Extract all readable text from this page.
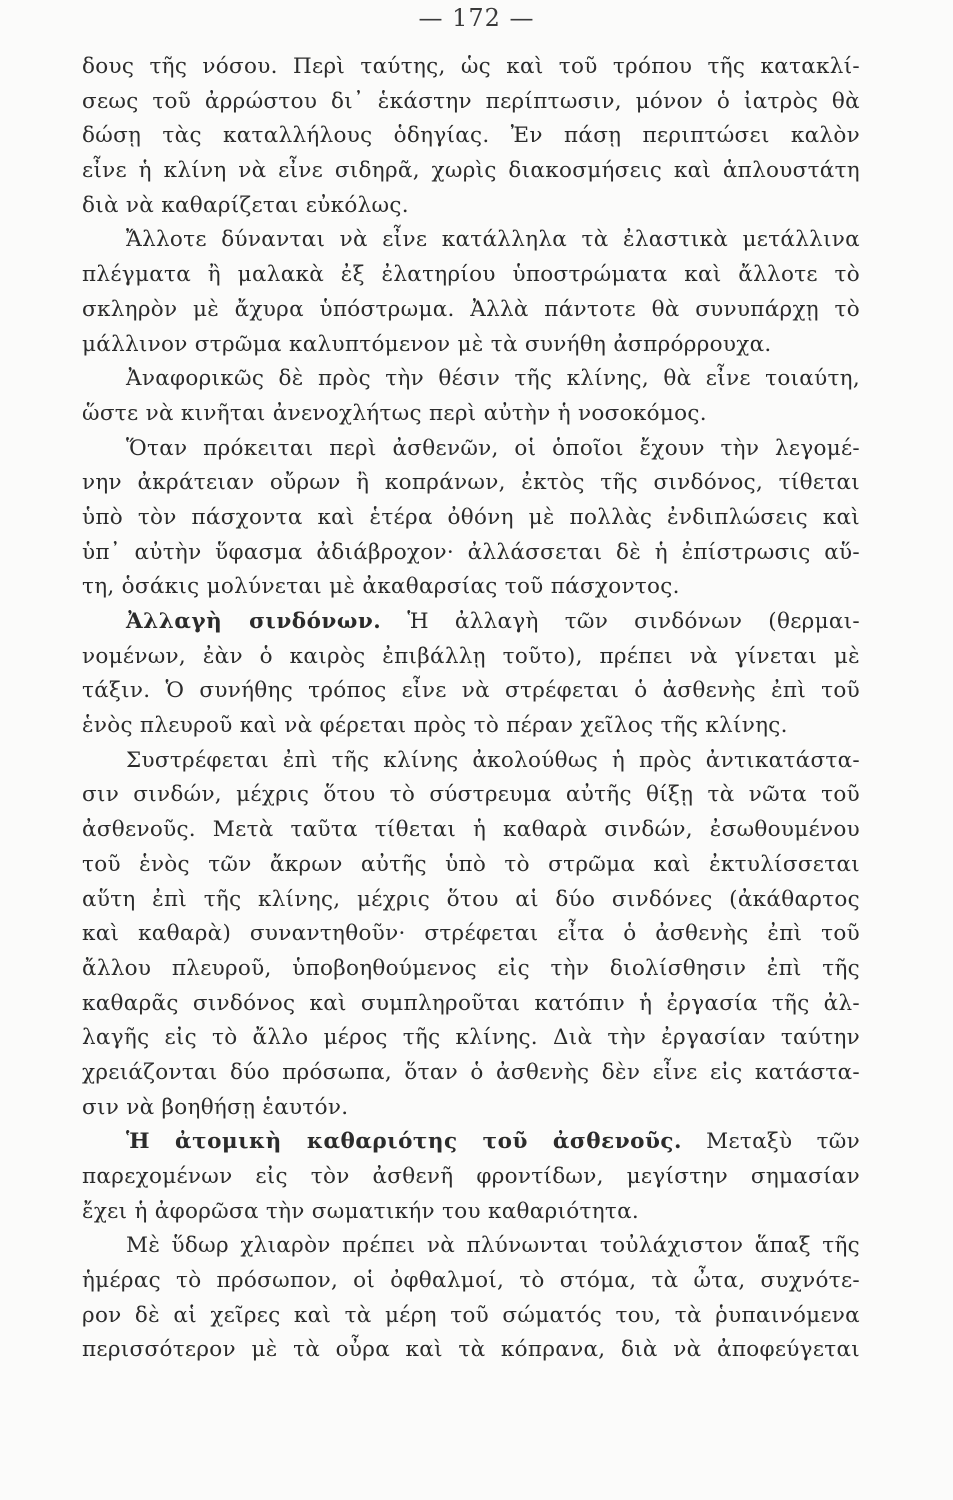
— 172 —
δους τῆς νόσου. Περὶ ταύτης, ὡς καὶ τοῦ τρόπου τῆς κατακλί-
σεως τοῦ ἀρρώστου δι᾽ ἑκάστην περίπτωσιν, μόνον ὁ ἰατρὸς θὰ
δώσῃ τὰς καταλλήλους ὁδηγίας. Ἐν πάσῃ περιπτώσει καλὸν
εἶνε ἡ κλίνη νὰ εἶνε σιδηρᾶ, χωρὶς διακοσμήσεις καὶ ἁπλουστάτη
διὰ νὰ καθαρίζεται εὐκόλως.
Ἄλλοτε δύνανται νὰ εἶνε κατάλληλα τὰ ἐλαστικὰ μετάλλινα
πλέγματα ἢ μαλακὰ ἐξ ἐλατηρίου ὑποστρώματα καὶ ἄλλοτε τὸ
σκληρὸν μὲ ἄχυρα ὑπόστρωμα. Ἀλλὰ πάντοτε θὰ συνυπάρχῃ τὸ
μάλλινον στρῶμα καλυπτόμενον μὲ τὰ συνήθη ἀσπρόρρουχα.
Ἀναφορικῶς δὲ πρὸς τὴν θέσιν τῆς κλίνης, θὰ εἶνε τοιαύτη,
ὥστε νὰ κινῆται ἀνενοχλήτως περὶ αὐτὴν ἡ νοσοκόμος.
Ὅταν πρόκειται περὶ ἀσθενῶν, οἱ ὁποῖοι ἔχουν τὴν λεγομέ-
νην ἀκράτειαν οὔρων ἢ κοπράνων, ἐκτὸς τῆς σινδόνος, τίθεται
ὑπὸ τὸν πάσχοντα καὶ ἑτέρα ὀθόνη μὲ πολλὰς ἐνδιπλώσεις καὶ
ὑπ᾽ αὐτὴν ὕφασμα ἀδιάβροχον· ἀλλάσσεται δὲ ἡ ἐπίστρωσις αὕ-
τη, ὁσάκις μολύνεται μὲ ἀκαθαρσίας τοῦ πάσχοντος.
Ἀλλαγὴ σινδόνων. Ἡ ἀλλαγὴ τῶν σινδόνων (θερμαι-
νομένων, ἐὰν ὁ καιρὸς ἐπιβάλλῃ τοῦτο), πρέπει νὰ γίνεται μὲ
τάξιν. Ὁ συνήθης τρόπος εἶνε νὰ στρέφεται ὁ ἀσθενὴς ἐπὶ τοῦ
ἑνὸς πλευροῦ καὶ νὰ φέρεται πρὸς τὸ πέραν χεῖλος τῆς κλίνης.
Συστρέφεται ἐπὶ τῆς κλίνης ἀκολούθως ἡ πρὸς ἀντικατάστα-
σιν σινδών, μέχρις ὅτου τὸ σύστρευμα αὐτῆς θίξῃ τὰ νῶτα τοῦ
ἀσθενοῦς. Μετὰ ταῦτα τίθεται ἡ καθαρὰ σινδών, ἐσωθουμένου
τοῦ ἑνὸς τῶν ἄκρων αὐτῆς ὑπὸ τὸ στρῶμα καὶ ἐκτυλίσσεται
αὕτη ἐπὶ τῆς κλίνης, μέχρις ὅτου αἱ δύο σινδόνες (ἀκάθαρτος
καὶ καθαρὰ) συναντηθοῦν· στρέφεται εἶτα ὁ ἀσθενὴς ἐπὶ τοῦ
ἄλλου πλευροῦ, ὑποβοηθούμενος εἰς τὴν διολίσθησιν ἐπὶ τῆς
καθαρᾶς σινδόνος καὶ συμπληροῦται κατόπιν ἡ ἐργασία τῆς ἀλ-
λαγῆς εἰς τὸ ἄλλο μέρος τῆς κλίνης. Διὰ τὴν ἐργασίαν ταύτην
χρειάζονται δύο πρόσωπα, ὅταν ὁ ἀσθενὴς δὲν εἶνε εἰς κατάστα-
σιν νὰ βοηθήσῃ ἑαυτόν.
Ἡ ἀτομικὴ καθαριότης τοῦ ἀσθενοῦς. Μεταξὺ τῶν
παρεχομένων εἰς τὸν ἀσθενῆ φροντίδων, μεγίστην σημασίαν
ἔχει ἡ ἀφορῶσα τὴν σωματικήν του καθαριότητα.
Μὲ ὕδωρ χλιαρὸν πρέπει νὰ πλύνωνται τοὐλάχιστον ἅπαξ τῆς
ἡμέρας τὸ πρόσωπον, οἱ ὀφθαλμοί, τὸ στόμα, τὰ ὦτα, συχνότε-
ρον δὲ αἱ χεῖρες καὶ τὰ μέρη τοῦ σώματός του, τὰ ῥυπαινόμενα
περισσότερον μὲ τὰ οὖρα καὶ τὰ κόπρανα, διὰ νὰ ἀποφεύγεται
